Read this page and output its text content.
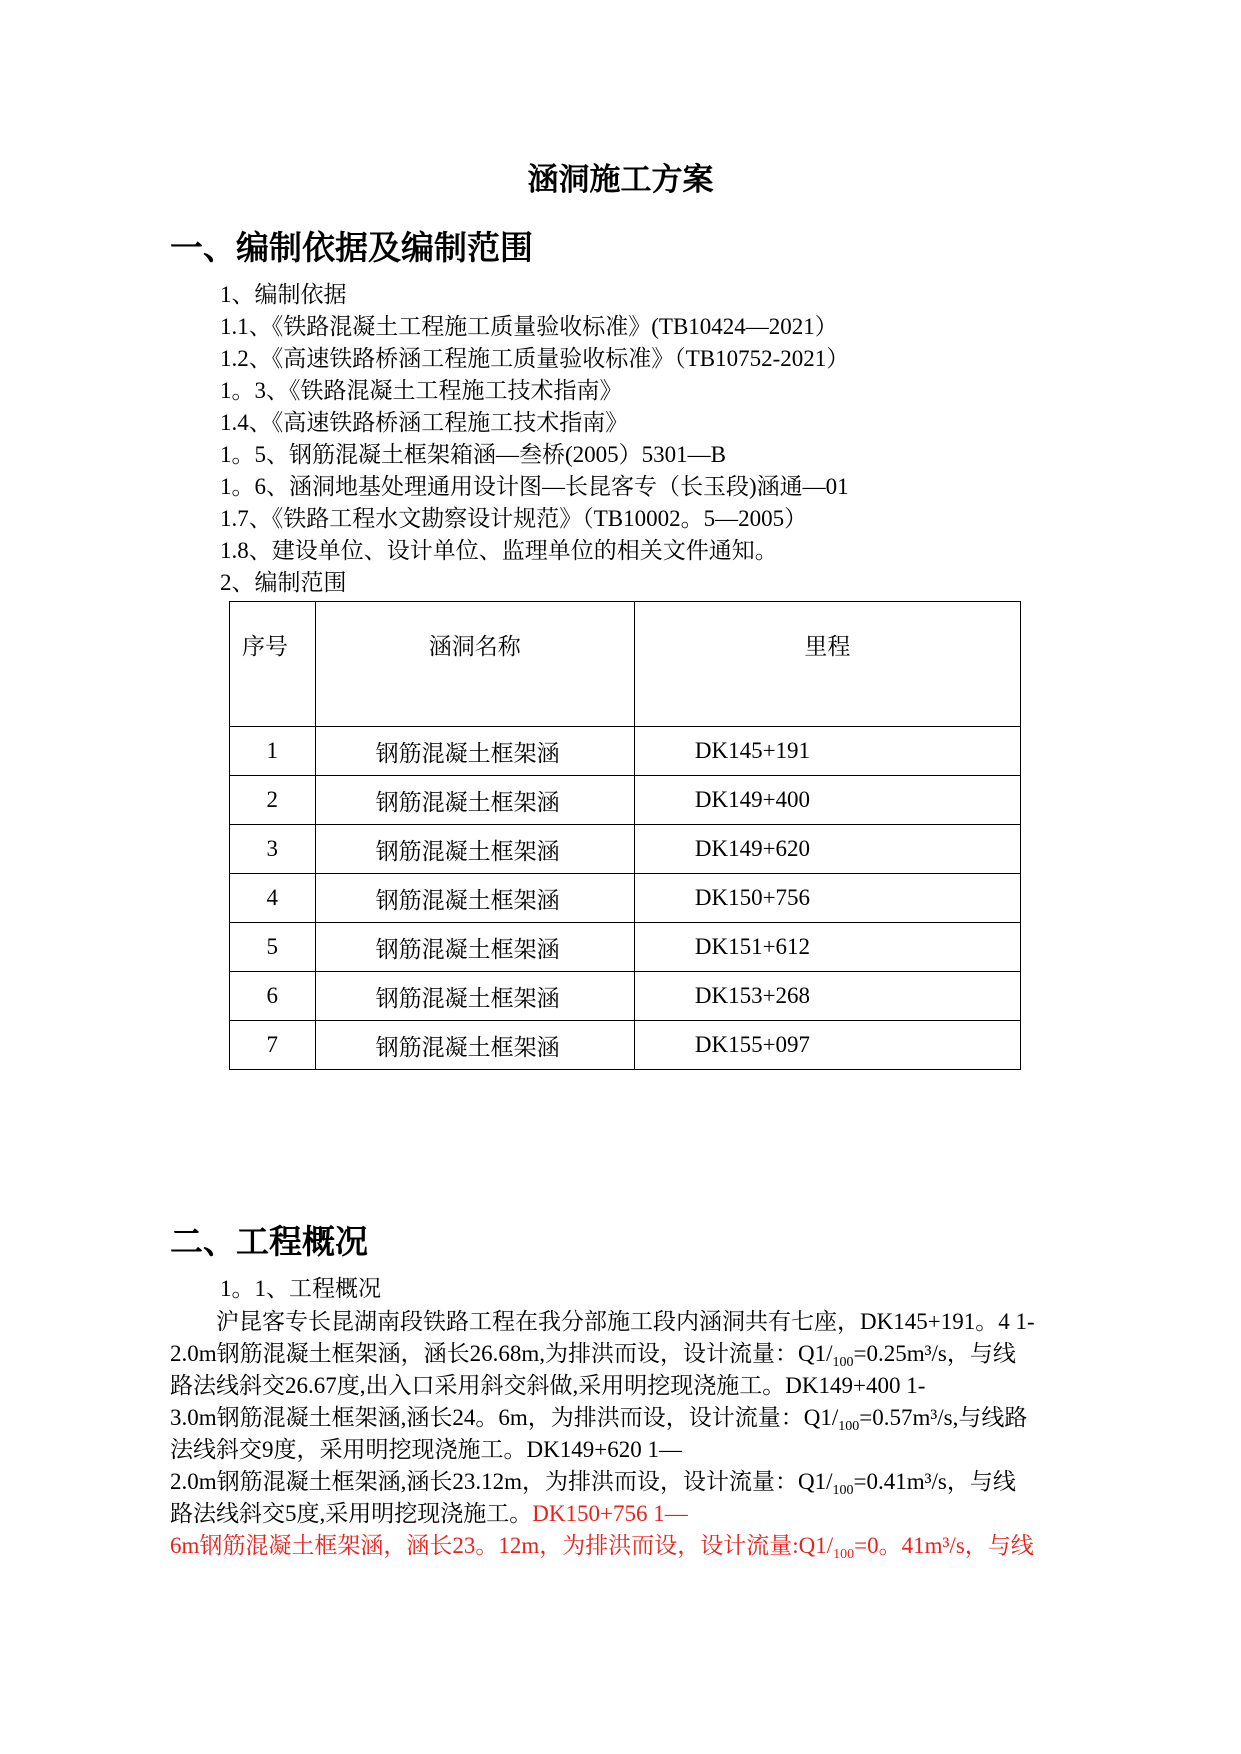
涵洞施工方案
一、编制依据及编制范围
1、编制依据
1.1、《铁路混凝土工程施工质量验收标准》(TB10424—2021）
1.2、《高速铁路桥涵工程施工质量验收标准》（TB10752-2021）
1。3、《铁路混凝土工程施工技术指南》
1.4、《高速铁路桥涵工程施工技术指南》
1。5、钢筋混凝土框架箱涵—叁桥(2005）5301—B
1。6、涵洞地基处理通用设计图—长昆客专（长玉段)涵通—01
1.7、《铁路工程水文勘察设计规范》（TB10002。5—2005）
1.8、建设单位、设计单位、监理单位的相关文件通知。
2、编制范围
序号	涵洞名称	里程
1	钢筋混凝土框架涵	DK145+191
2	钢筋混凝土框架涵	DK149+400
3	钢筋混凝土框架涵	DK149+620
4	钢筋混凝土框架涵	DK150+756
5	钢筋混凝土框架涵	DK151+612
6	钢筋混凝土框架涵	DK153+268
7	钢筋混凝土框架涵	DK155+097
二、工程概况
1。1、工程概况
　　沪昆客专长昆湖南段铁路工程在我分部施工段内涵洞共有七座，DK145+191。4 1-
2.0m钢筋混凝土框架涵，涵长26.68m,为排洪而设，设计流量：$Q1/_{100}=0.25m^3/s$，与线
路法线斜交26.67度,出入口采用斜交斜做,采用明挖现浇施工。DK149+400 1-
3.0m钢筋混凝土框架涵,涵长24。6m，为排洪而设，设计流量：$Q1/_{100}=0.57m^3/s$,与线路
法线斜交9度，采用明挖现浇施工。DK149+620 1—
2.0m钢筋混凝土框架涵,涵长23.12m，为排洪而设，设计流量：$Q1/_{100}=0.41m^3/s$，与线
路法线斜交5度,采用明挖现浇施工。DK150+756 1—
6m钢筋混凝土框架涵，涵长23。12m，为排洪而设，设计流量$:Q1/_{100}=0$。41m³/s，与线
